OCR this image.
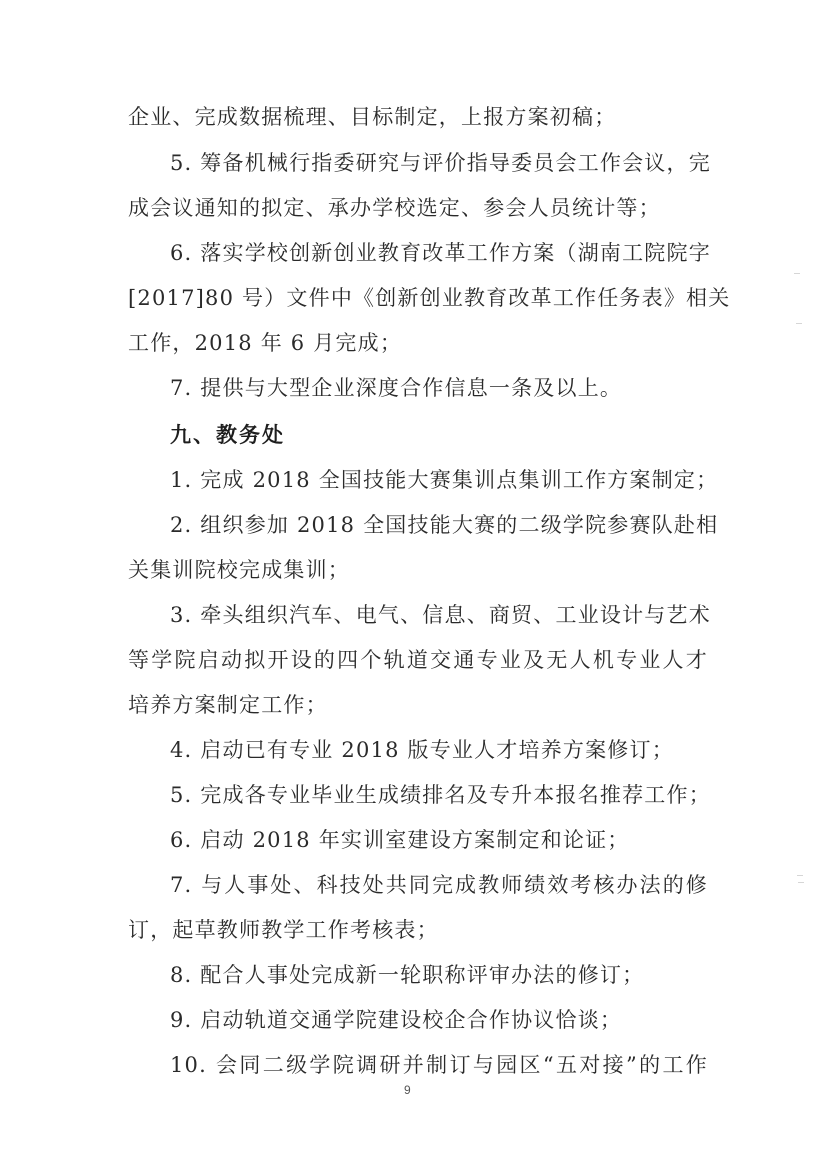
企业、完成数据梳理、目标制定，上报方案初稿；
5. 筹备机械行指委研究与评价指导委员会工作会议，完
成会议通知的拟定、承办学校选定、参会人员统计等；
6. 落实学校创新创业教育改革工作方案（湖南工院院字
[2017]80 号）文件中《创新创业教育改革工作任务表》相关
工作，2018 年 6 月完成；
7. 提供与大型企业深度合作信息一条及以上。
九、教务处
1. 完成 2018 全国技能大赛集训点集训工作方案制定；
2. 组织参加 2018 全国技能大赛的二级学院参赛队赴相
关集训院校完成集训；
3. 牵头组织汽车、电气、信息、商贸、工业设计与艺术
等学院启动拟开设的四个轨道交通专业及无人机专业人才
培养方案制定工作；
4. 启动已有专业 2018 版专业人才培养方案修订；
5. 完成各专业毕业生成绩排名及专升本报名推荐工作；
6. 启动 2018 年实训室建设方案制定和论证；
7. 与人事处、科技处共同完成教师绩效考核办法的修
订，起草教师教学工作考核表；
8. 配合人事处完成新一轮职称评审办法的修订；
9. 启动轨道交通学院建设校企合作协议恰谈；
10. 会同二级学院调研并制订与园区“五对接”的工作
9
